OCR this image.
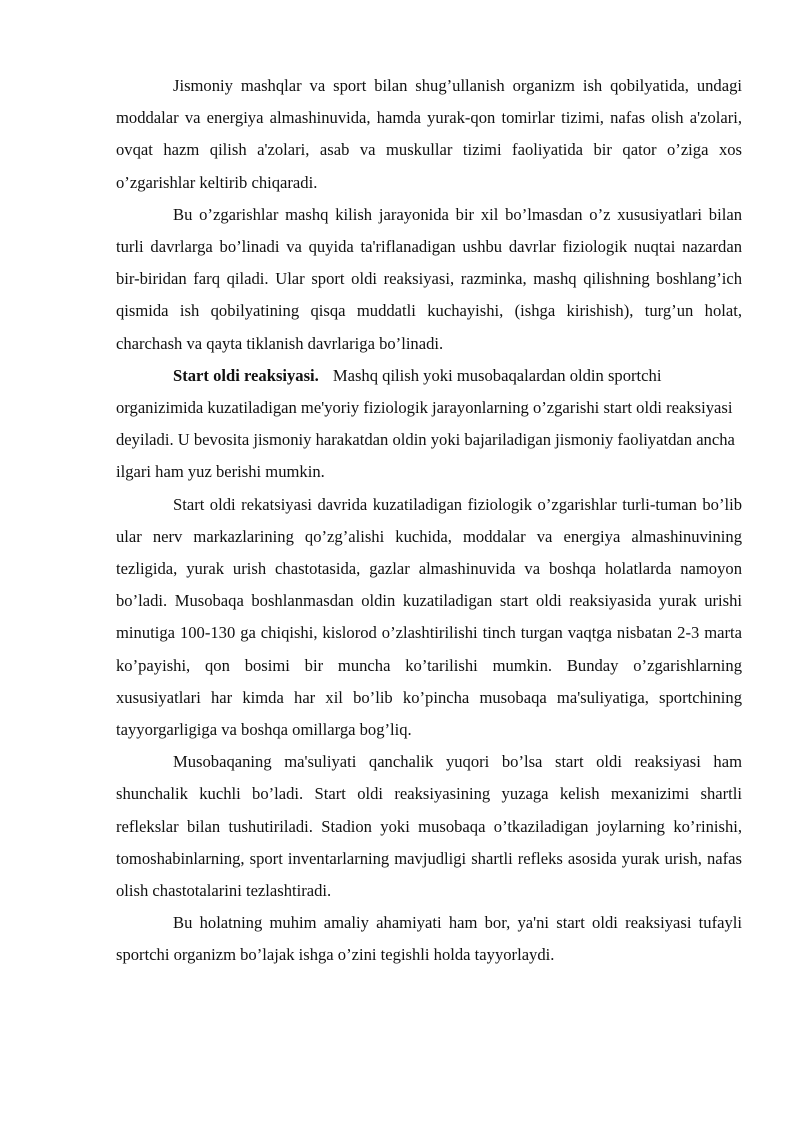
Jismoniy mashqlar va sport bilan shug’ullanish organizm ish qobilyatida, undagi moddalar va energiya almashinuvida, hamda yurak-qon tomirlar tizimi, nafas olish a'zolari, ovqat hazm qilish a'zolari, asab va muskullar tizimi faoliyatida bir qator o’ziga xos o’zgarishlar keltirib chiqaradi.

Bu o’zgarishlar mashq kilish jarayonida bir xil bo’lmasdan o’z xususiyatlari bilan turli davrlarga bo’linadi va quyida ta'riflanadigan ushbu davrlar fiziologik nuqtai nazardan bir-biridan farq qiladi. Ular sport oldi reaksiyasi, razminka, mashq qilishning boshlang’ich qismida ish qobilyatining qisqa muddatli kuchayishi, (ishga kirishish), turg’un holat, charchash va qayta tiklanish davrlariga bo’linadi.

Start oldi reaksiyasi. Mashq qilish yoki musobaqalardan oldin sportchi organizimida kuzatiladigan me'yoriy fiziologik jarayonlarning o’zgarishi start oldi reaksiyasi deyiladi. U bevosita jismoniy harakatdan oldin yoki bajariladigan jismoniy faoliyatdan ancha ilgari ham yuz berishi mumkin.

Start oldi rekatsiyasi davrida kuzatiladigan fiziologik o’zgarishlar turli-tuman bo’lib ular nerv markazlarining qo’zg’alishi kuchida, moddalar va energiya almashinuvining tezligida, yurak urish chastotasida, gazlar almashinuvida va boshqa holatlarda namoyon bo’ladi. Musobaqa boshlanmasdan oldin kuzatiladigan start oldi reaksiyasida yurak urishi minutiga 100-130 ga chiqishi, kislorod o’zlashtirilishi tinch turgan vaqtga nisbatan 2-3 marta ko’payishi, qon bosimi bir muncha ko’tarilishi mumkin. Bunday o’zgarishlarning xususiyatlari har kimda har xil bo’lib ko’pincha musobaqa ma'suliyatiga, sportchining tayyorgarligiga va boshqa omillarga bog’liq.

Musobaqaning ma'suliyati qanchalik yuqori bo’lsa start oldi reaksiyasi ham shunchalik kuchli bo’ladi. Start oldi reaksiyasining yuzaga kelish mexanizimi shartli reflekslar bilan tushutiriladi. Stadion yoki musobaqa o’tkaziladigan joylarning ko’rinishi, tomoshabinlarning, sport inventarlarning mavjudligi shartli refleks asosida yurak urish, nafas olish chastotalarini tezlashtiradi.

Bu holatning muhim amaliy ahamiyati ham bor, ya'ni start oldi reaksiyasi tufayli sportchi organizm bo’lajak ishga o’zini tegishli holda tayyorlaydi.
